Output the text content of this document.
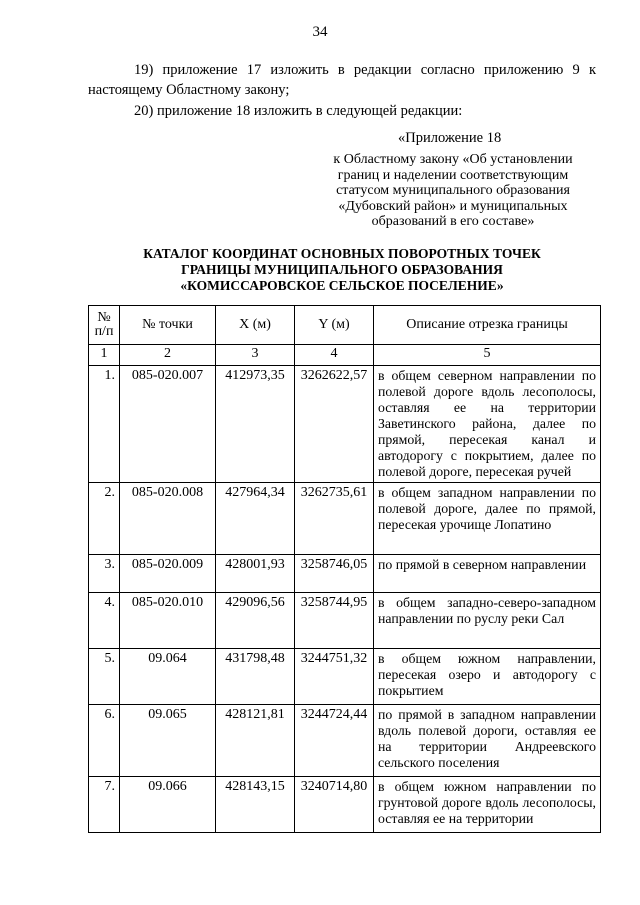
34

19) приложение 17 изложить в редакции согласно приложению 9 к настоящему Областному закону;

20) приложение 18 изложить в следующей редакции:

«Приложение 18
к Областному закону «Об установлении
границ и наделении соответствующим
статусом муниципального образования
«Дубовский район» и муниципальных
образований в его составе»
КАТАЛОГ КООРДИНАТ ОСНОВНЫХ ПОВОРОТНЫХ ТОЧЕК
ГРАНИЦЫ МУНИЦИПАЛЬНОГО ОБРАЗОВАНИЯ
«КОМИССАРОВСКОЕ СЕЛЬСКОЕ ПОСЕЛЕНИЕ»
№
п/п	№ точки	X (м)	Y (м)	Описание отрезка границы
1	2	3	4	5
1.	085-020.007	412973,35	3262622,57	в общем северном направлении по полевой дороге вдоль лесополосы, оставляя ее на территории Заветинского района, далее по прямой, пересекая канал и автодорогу с покрытием, далее по полевой дороге, пересекая ручей
2.	085-020.008	427964,34	3262735,61	в общем западном направлении по полевой дороге, далее по прямой, пересекая урочище Лопатино
3.	085-020.009	428001,93	3258746,05	по прямой в северном направлении
4.	085-020.010	429096,56	3258744,95	в общем западно-северо-западном направлении по руслу реки Сал
5.	09.064	431798,48	3244751,32	в общем южном направлении, пересекая озеро и автодорогу с покрытием
6.	09.065	428121,81	3244724,44	по прямой в западном направлении вдоль полевой дороги, оставляя ее на территории Андреевского сельского поселения
7.	09.066	428143,15	3240714,80	в общем южном направлении по грунтовой дороге вдоль лесополосы, оставляя ее на территории
